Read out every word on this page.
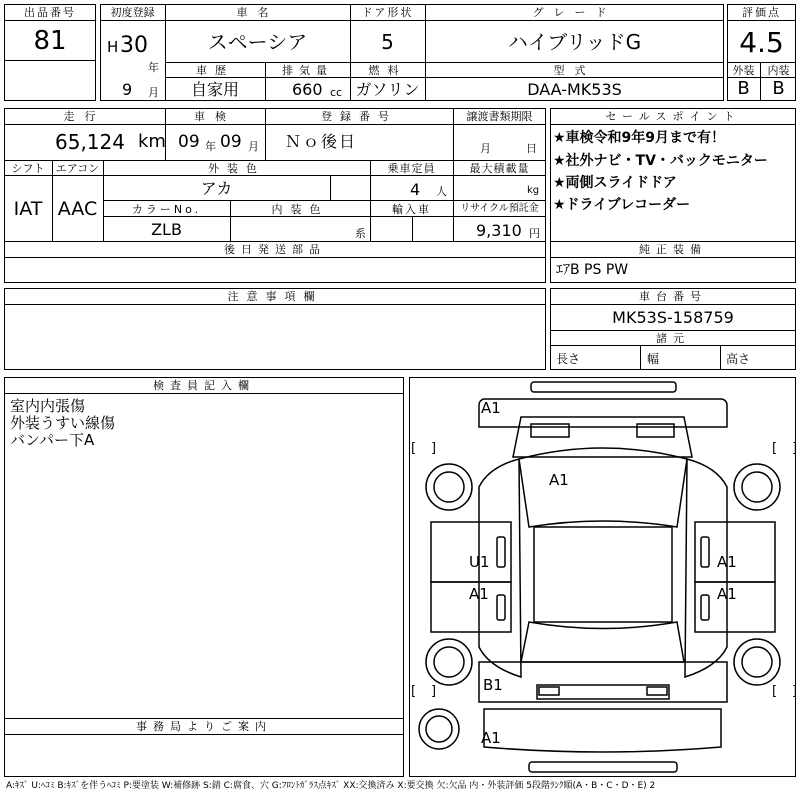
出品番号
81
初度登録
H 30
年
9 月
車名
スペーシア
ドア形状
5
グレード
ハイブリッドG
評価点
4.5
外装	内装
B	B
車歴
自家用
排気量
660 cc
燃料
ガソリン
型式
DAA-MK53S
走行
65,124 km
車検
09 年 09 月
登録番号
Ｎｏ後日
譲渡書類期限
月	日
シフト
IAT
エアコン
AAC
外装色
アカ
乗車定員
4 人
最大積載量
kg
カラーNo.
ZLB
内装色
系
輸入車	リサイクル預託金
9,310 円
後日発送部品
セールスポイント
★車検令和9年9月まで有！
★社外ナビ・TV・バックモニター
★両側スライドドア
★ドライブレコーダー
純正装備
ｴｱB PS PW
注意事項欄	車台番号
MK53S-158759
諸元
長さ	幅	高さ
検査員記入欄
室内内張傷
外装うすい線傷
バンパー下A
事務局よりご案内
[
　 ]	[ ]
[ ]	[ ]
A1
A1
U1
A1
A1
A1
B1
A1
A:ｷｽﾞ U:ﾍｺﾐ B:ｷｽﾞを伴うﾍｺﾐ P:要塗装 W:補修跡 S:錆 C:腐食、穴 G:ﾌﾛﾝﾄｶﾞﾗｽ点ｷｽﾞ XX:交換済み X:要交換 欠:欠品 内・外装評価 5段階ﾗﾝｸ順(A・B・C・D・E) 2
